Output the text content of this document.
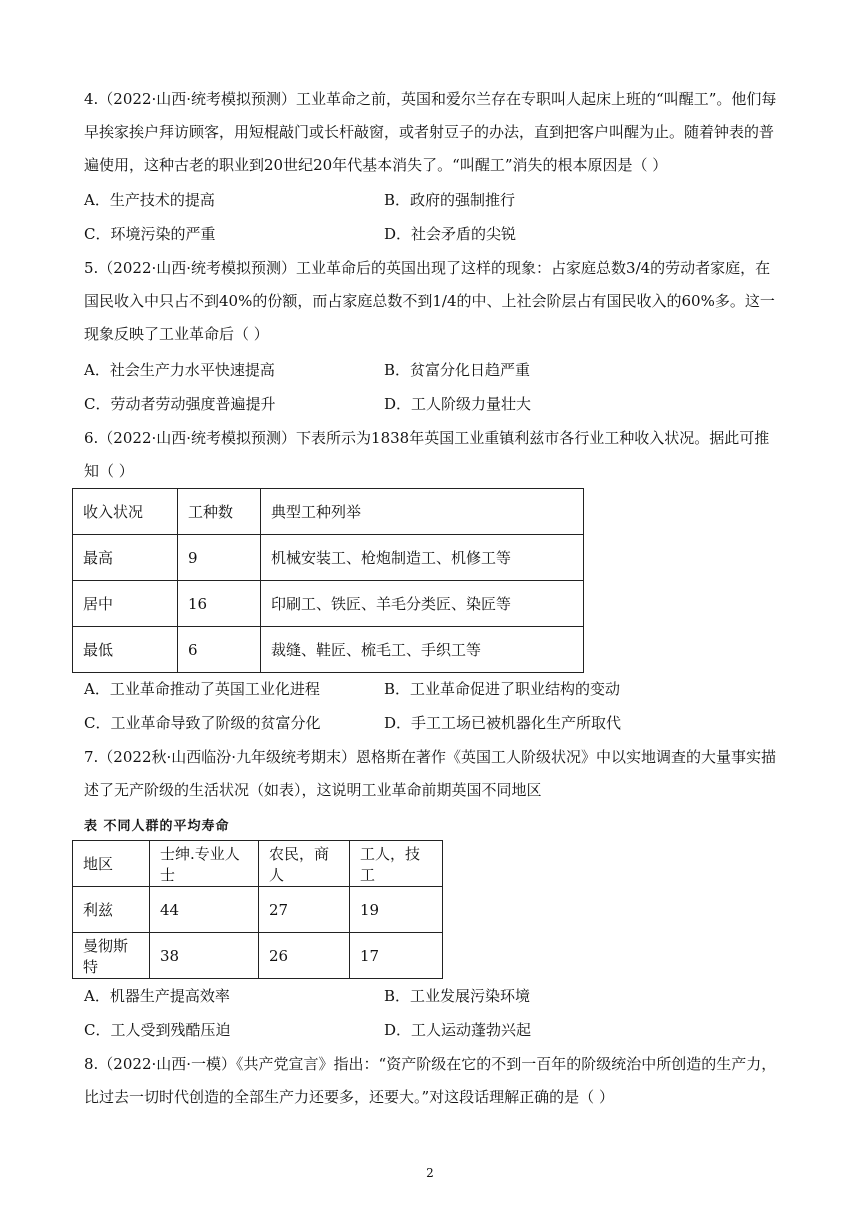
4.（2022·山西·统考模拟预测）工业革命之前，英国和爱尔兰存在专职叫人起床上班的“叫醒工”。他们每早挨家挨户拜访顾客，用短棍敲门或长杆敲窗，或者射豆子的办法，直到把客户叫醒为止。随着钟表的普遍使用，这种古老的职业到20世纪20年代基本消失了。“叫醒工”消失的根本原因是（ ）

A．生产技术的提高	B．政府的强制推行
C．环境污染的严重	D．社会矛盾的尖锐

5.（2022·山西·统考模拟预测）工业革命后的英国出现了这样的现象：占家庭总数3/4的劳动者家庭，在国民收入中只占不到40%的份额，而占家庭总数不到1/4的中、上社会阶层占有国民收入的60%多。这一现象反映了工业革命后（ ）

A．社会生产力水平快速提高	B．贫富分化日趋严重
C．劳动者劳动强度普遍提升	D．工人阶级力量壮大

6.（2022·山西·统考模拟预测）下表所示为1838年英国工业重镇利兹市各行业工种收入状况。据此可推知（ ）

收入状况	工种数	典型工种列举
最高	9	机械安装工、枪炮制造工、机修工等
居中	16	印刷工、铁匠、羊毛分类匠、染匠等
最低	6	裁缝、鞋匠、梳毛工、手织工等
A．工业革命推动了英国工业化进程	B．工业革命促进了职业结构的变动
C．工业革命导致了阶级的贫富分化	D．手工工场已被机器化生产所取代

7.（2022秋·山西临汾·九年级统考期末）恩格斯在著作《英国工人阶级状况》中以实地调查的大量事实描述了无产阶级的生活状况（如表），这说明工业革命前期英国不同地区

表 不同人群的平均寿命
地区	士绅.专业人士	农民，商人	工人，技工
利兹	44	27	19
曼彻斯特	38	26	17
A．机器生产提高效率	B．工业发展污染环境
C．工人受到残酷压迫	D．工人运动蓬勃兴起

8.（2022·山西·一模）《共产党宣言》指出：“资产阶级在它的不到一百年的阶级统治中所创造的生产力，比过去一切时代创造的全部生产力还要多，还要大。”对这段话理解正确的是（ ）

2
